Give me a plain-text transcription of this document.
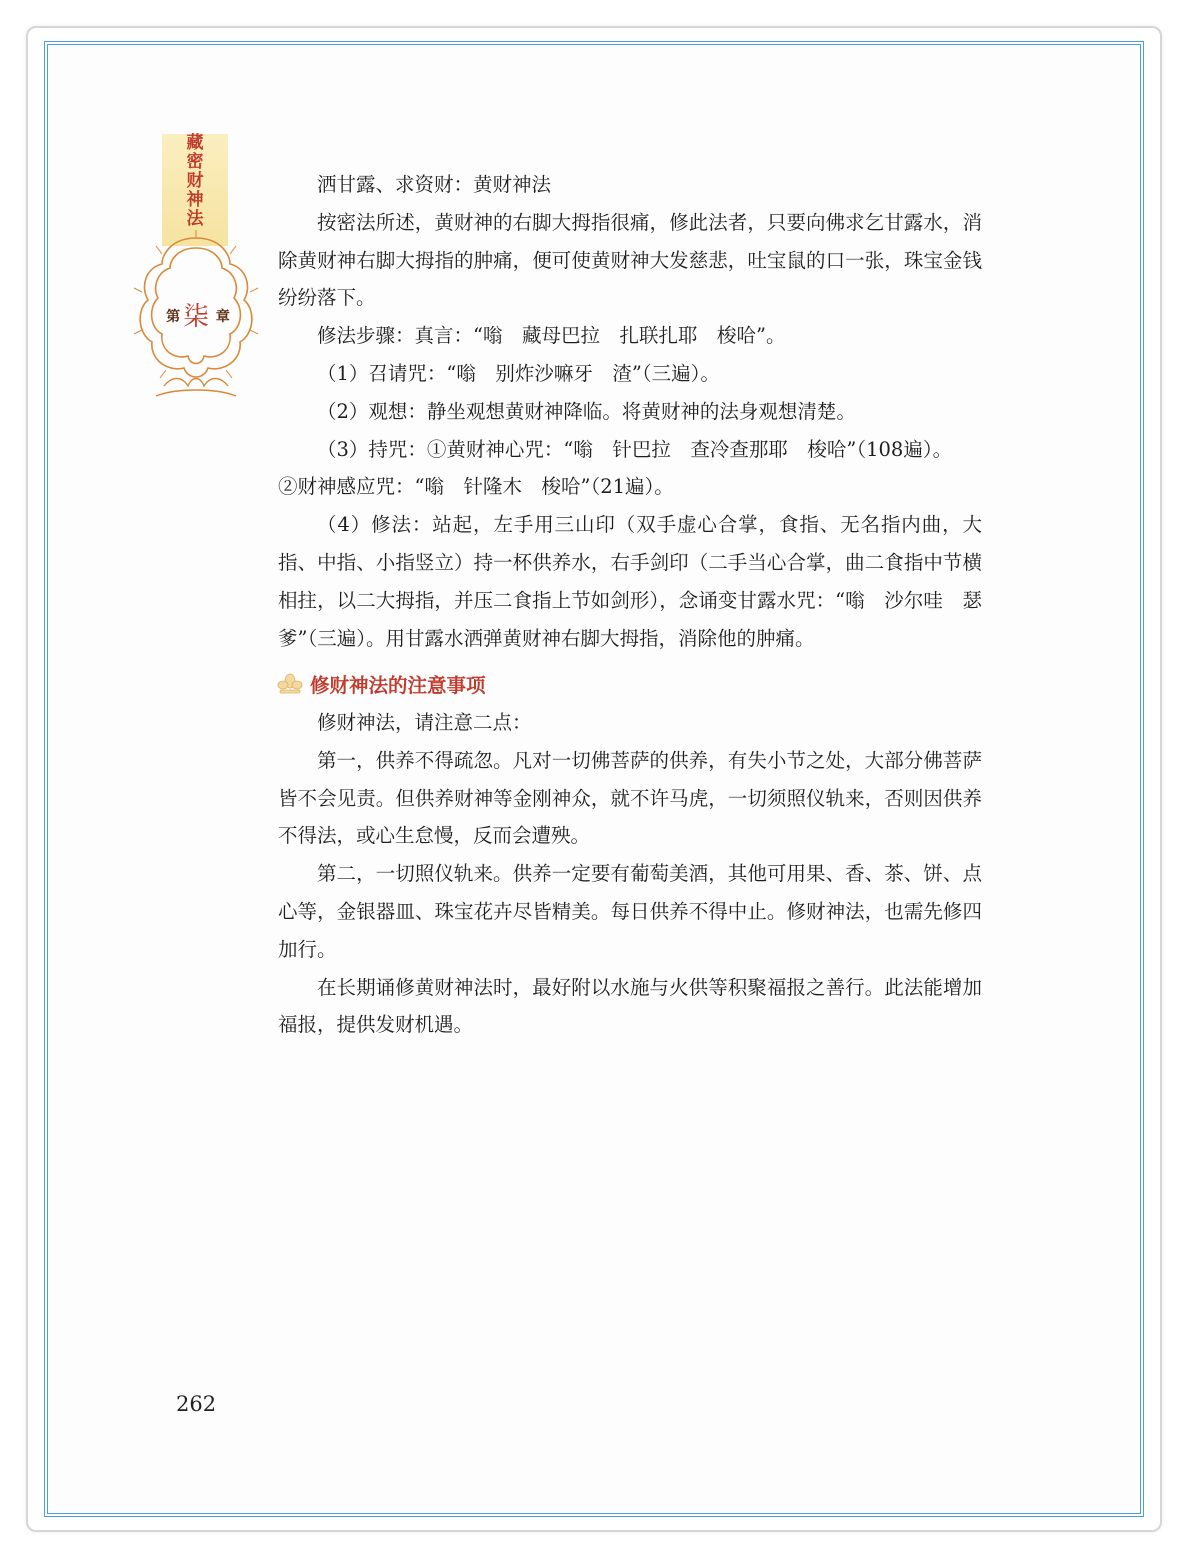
藏密财神法
第	章
柒

洒甘露、求资财：黄财神法

按密法所述，黄财神的右脚大拇指很痛，修此法者，只要向佛求乞甘露水，消除黄财神右脚大拇指的肿痛，便可使黄财神大发慈悲，吐宝鼠的口一张，珠宝金钱纷纷落下。

修法步骤：真言：“嗡　藏母巴拉　扎联扎耶　梭哈”。

（1）召请咒：“嗡　别炸沙嘛牙　渣”（三遍）。

（2）观想：静坐观想黄财神降临。将黄财神的法身观想清楚。

（3）持咒：①黄财神心咒：“嗡　针巴拉　查冷查那耶　梭哈”（108遍）。

②财神感应咒：“嗡　针隆木　梭哈”（21遍）。

（4）修法：站起，左手用三山印（双手虚心合掌，食指、无名指内曲，大指、中指、小指竖立）持一杯供养水，右手剑印（二手当心合掌，曲二食指中节横相拄，以二大拇指，并压二食指上节如剑形），念诵变甘露水咒：“嗡　沙尔哇　瑟爹”（三遍）。用甘露水洒弹黄财神右脚大拇指，消除他的肿痛。

修财神法的注意事项

修财神法，请注意二点：

第一，供养不得疏忽。凡对一切佛菩萨的供养，有失小节之处，大部分佛菩萨皆不会见责。但供养财神等金刚神众，就不许马虎，一切须照仪轨来，否则因供养不得法，或心生怠慢，反而会遭殃。

第二，一切照仪轨来。供养一定要有葡萄美酒，其他可用果、香、茶、饼、点心等，金银器皿、珠宝花卉尽皆精美。每日供养不得中止。修财神法，也需先修四加行。

在长期诵修黄财神法时，最好附以水施与火供等积聚福报之善行。此法能增加福报，提供发财机遇。

262
